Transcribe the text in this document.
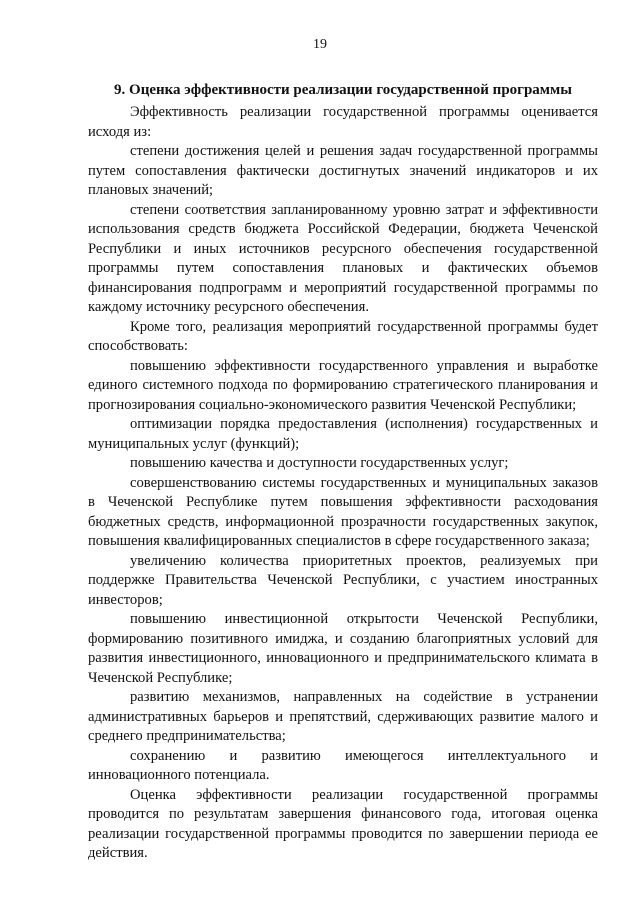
19
9. Оценка эффективности реализации государственной программы

Эффективность реализации государственной программы оценивается исходя из:

степени достижения целей и решения задач государственной программы путем сопоставления фактически достигнутых значений индикаторов и их плановых значений;

степени соответствия запланированному уровню затрат и эффективности использования средств бюджета Российской Федерации, бюджета Чеченской Республики и иных источников ресурсного обеспечения государственной программы путем сопоставления плановых и фактических объемов финансирования подпрограмм и мероприятий государственной программы по каждому источнику ресурсного обеспечения.

Кроме того, реализация мероприятий государственной программы будет способствовать:

повышению эффективности государственного управления и выработке единого системного подхода по формированию стратегического планирования и прогнозирования социально-экономического развития Чеченской Республики;

оптимизации порядка предоставления (исполнения) государственных и муниципальных услуг (функций);

повышению качества и доступности государственных услуг;

совершенствованию системы государственных и муниципальных заказов в Чеченской Республике путем повышения эффективности расходования бюджетных средств, информационной прозрачности государственных закупок, повышения квалифицированных специалистов в сфере государственного заказа;

увеличению количества приоритетных проектов, реализуемых при поддержке Правительства Чеченской Республики, с участием иностранных инвесторов;

повышению инвестиционной открытости Чеченской Республики, формированию позитивного имиджа, и созданию благоприятных условий для развития инвестиционного, инновационного и предпринимательского климата в Чеченской Республике;

развитию механизмов, направленных на содействие в устранении административных барьеров и препятствий, сдерживающих развитие малого и среднего предпринимательства;

сохранению и развитию имеющегося интеллектуального и инновационного потенциала.

Оценка эффективности реализации государственной программы проводится по результатам завершения финансового года, итоговая оценка реализации государственной программы проводится по завершении периода ее действия.
